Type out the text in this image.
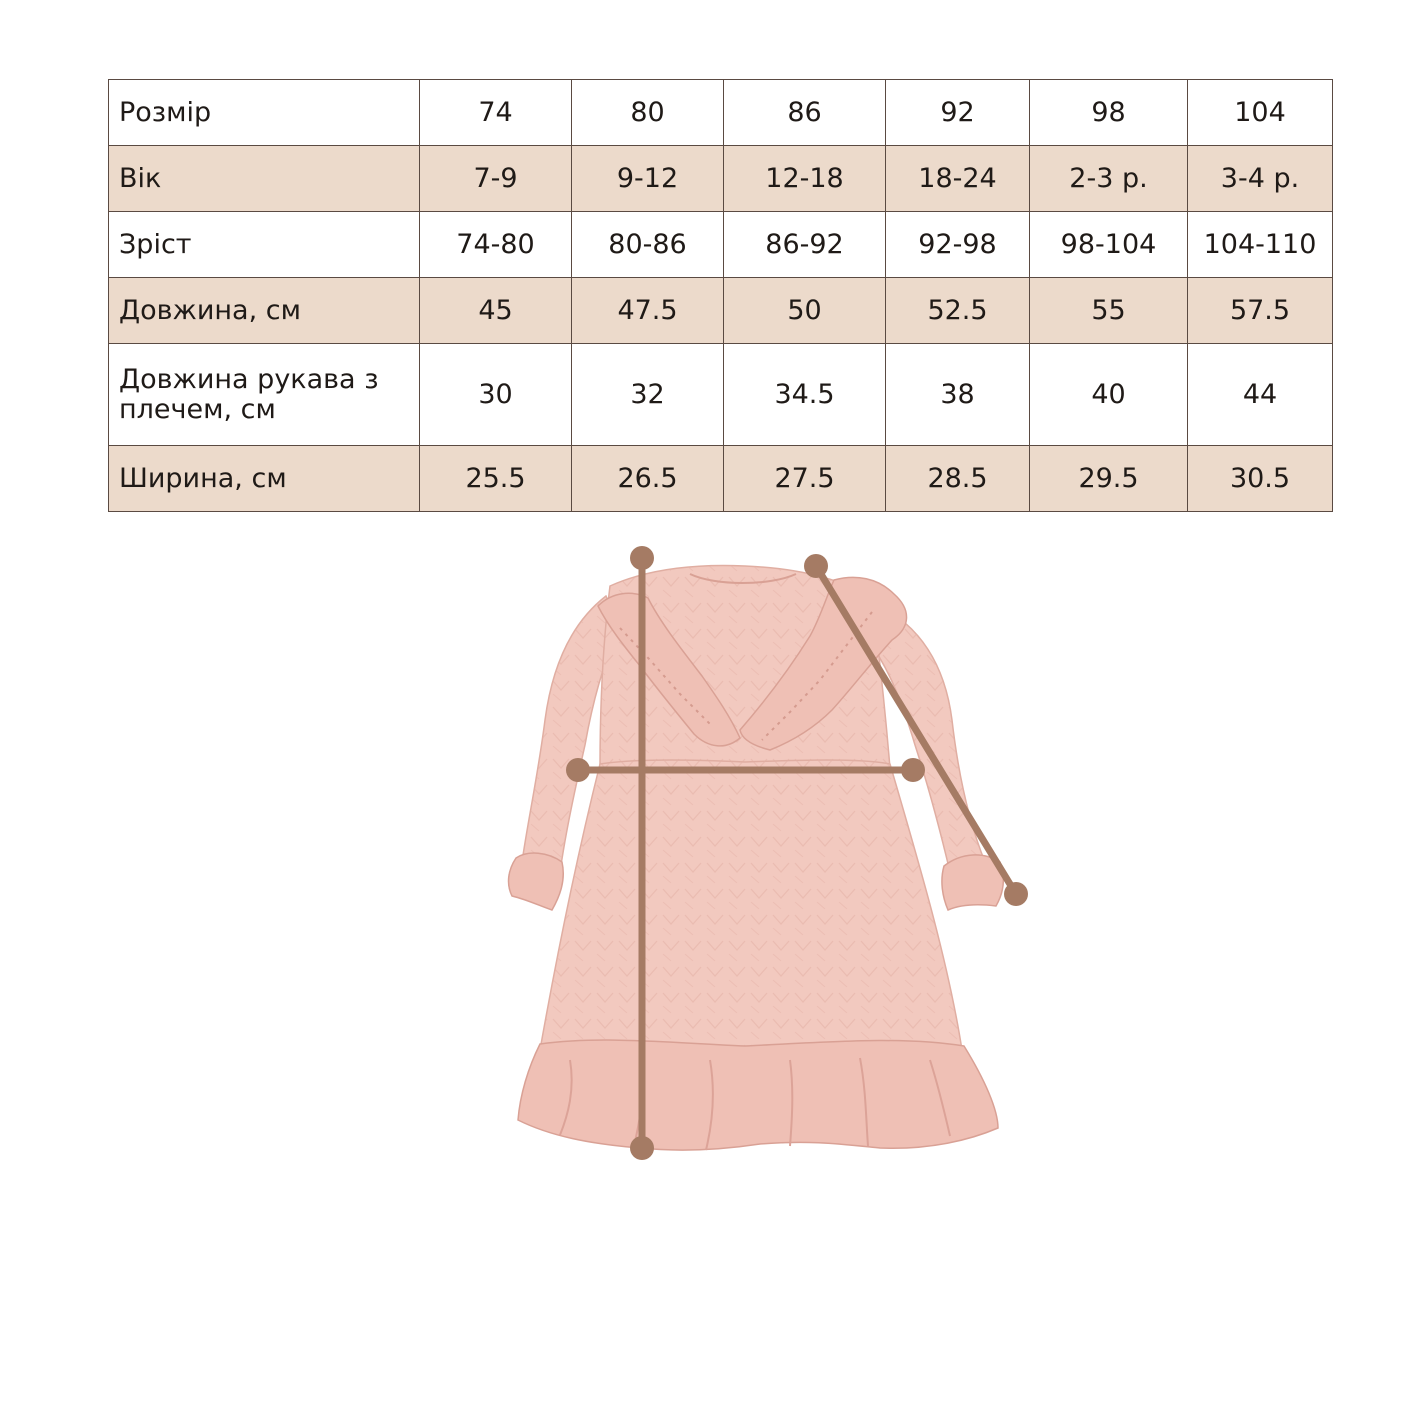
Розмір	74	80	86	92	98	104
Вік	7-9	9-12	12-18	18-24	2-3 р.	3-4 р.
Зріст	74-80	80-86	86-92	92-98	98-104	104-110
Довжина, см	45	47.5	50	52.5	55	57.5
Довжина рукава з плечем, см	30	32	34.5	38	40	44
Ширина, см	25.5	26.5	27.5	28.5	29.5	30.5
